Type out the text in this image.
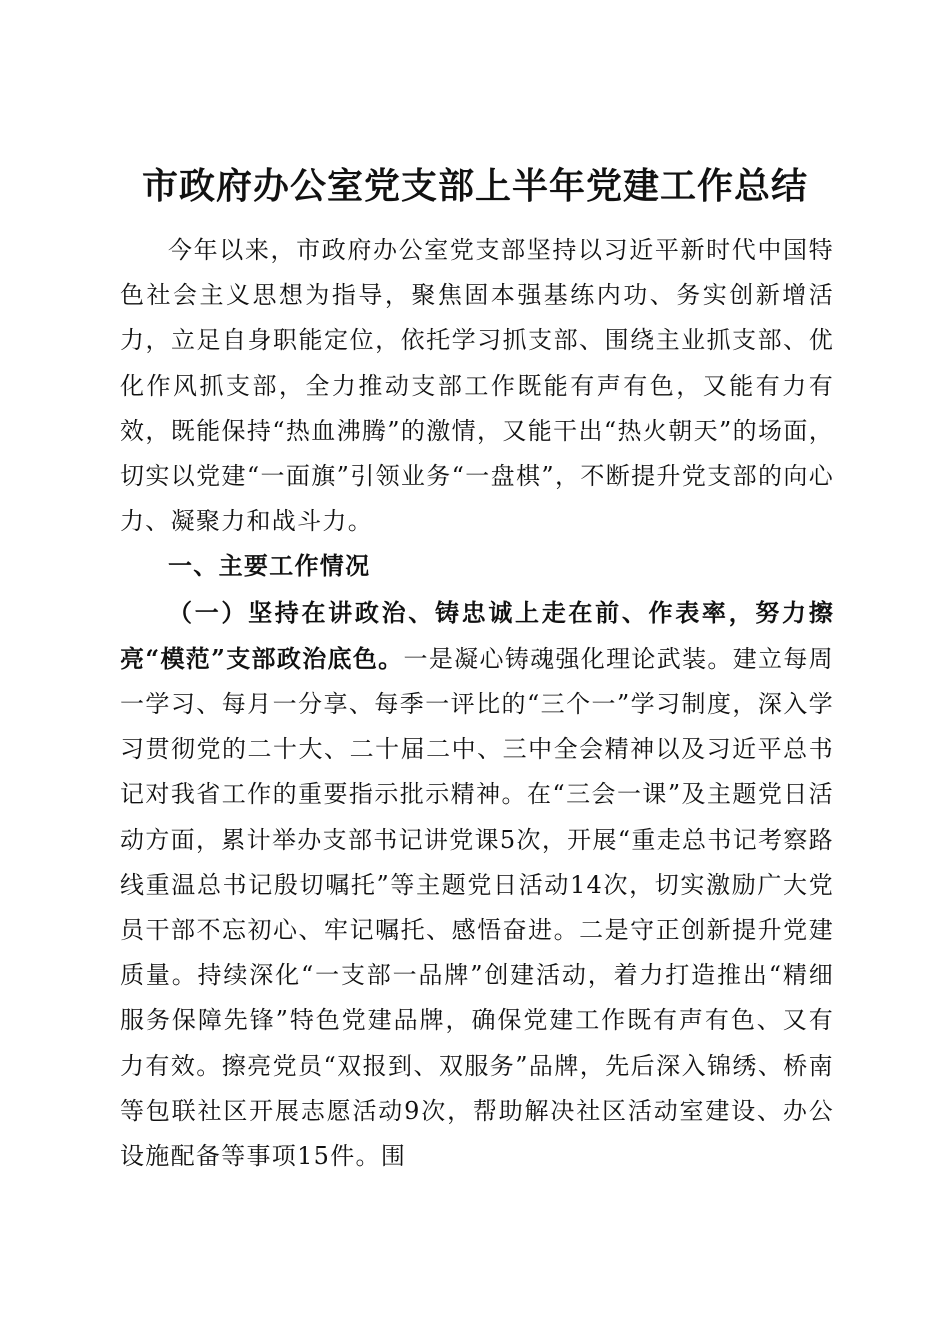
市政府办公室党支部上半年党建工作总结

今年以来，市政府办公室党支部坚持以习近平新时代中国特色社会主义思想为指导，聚焦固本强基练内功、务实创新增活力，立足自身职能定位，依托学习抓支部、围绕主业抓支部、优化作风抓支部，全力推动支部工作既能有声有色，又能有力有效，既能保持“热血沸腾”的激情，又能干出“热火朝天”的场面，切实以党建“一面旗”引领业务“一盘棋”，不断提升党支部的向心力、凝聚力和战斗力。

一、主要工作情况

（一）坚持在讲政治、铸忠诚上走在前、作表率，努力擦亮“模范”支部政治底色。一是凝心铸魂强化理论武装。建立每周一学习、每月一分享、每季一评比的“三个一”学习制度，深入学习贯彻党的二十大、二十届二中、三中全会精神以及习近平总书记对我省工作的重要指示批示精神。在“三会一课”及主题党日活动方面，累计举办支部书记讲党课5次，开展“重走总书记考察路线重温总书记殷切嘱托”等主题党日活动14次，切实激励广大党员干部不忘初心、牢记嘱托、感悟奋进。二是守正创新提升党建质量。持续深化“一支部一品牌”创建活动，着力打造推出“精细服务保障先锋”特色党建品牌，确保党建工作既有声有色、又有力有效。擦亮党员“双报到、双服务”品牌，先后深入锦绣、桥南等包联社区开展志愿活动9次，帮助解决社区活动室建设、办公设施配备等事项15件。围
